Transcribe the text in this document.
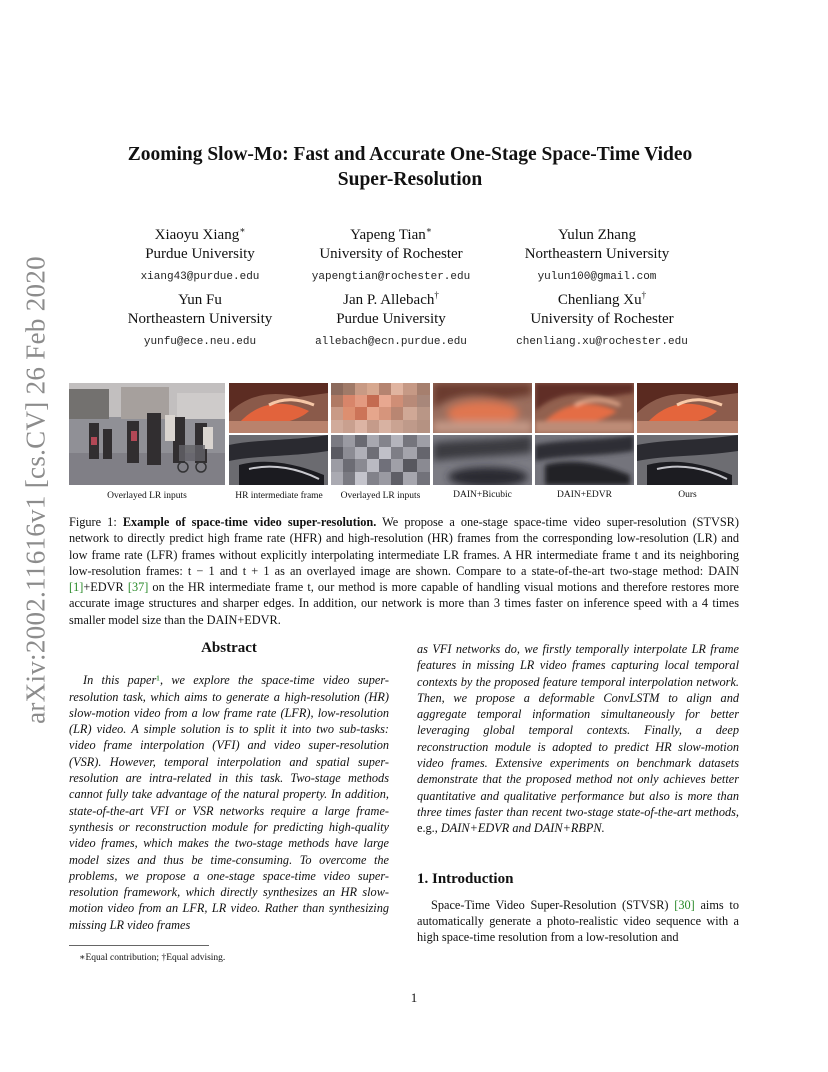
arXiv:2002.11616v1 [cs.CV] 26 Feb 2020
Zooming Slow-Mo: Fast and Accurate One-Stage Space-Time Video Super-Resolution
Xiaoyu Xiang∗
Purdue University
xiang43@purdue.edu
Yapeng Tian∗
University of Rochester
yapengtian@rochester.edu
Yulun Zhang
Northeastern University
yulun100@gmail.com
Yun Fu
Northeastern University
yunfu@ece.neu.edu
Jan P. Allebach†
Purdue University
allebach@ecn.purdue.edu
Chenliang Xu†
University of Rochester
chenliang.xu@rochester.edu
Overlayed LR inputs	HR intermediate frame	Overlayed LR inputs	DAIN+Bicubic	DAIN+EDVR	Ours
Figure 1: Example of space-time video super-resolution. We propose a one-stage space-time video super-resolution (STVSR) network to directly predict high frame rate (HFR) and high-resolution (HR) frames from the corresponding low-resolution (LR) and low frame rate (LFR) frames without explicitly interpolating intermediate LR frames. A HR intermediate frame t and its neighboring low-resolution frames: t − 1 and t + 1 as an overlayed image are shown. Compare to a state-of-the-art two-stage method: DAIN [1]+EDVR [37] on the HR intermediate frame t, our method is more capable of handling visual motions and therefore restores more accurate image structures and sharper edges. In addition, our network is more than 3 times faster on inference speed with a 4 times smaller model size than the DAIN+EDVR.
Abstract
In this paper¹, we explore the space-time video super-resolution task, which aims to generate a high-resolution (HR) slow-motion video from a low frame rate (LFR), low-resolution (LR) video. A simple solution is to split it into two sub-tasks: video frame interpolation (VFI) and video super-resolution (VSR). However, temporal interpolation and spatial super-resolution are intra-related in this task. Two-stage methods cannot fully take advantage of the natural property. In addition, state-of-the-art VFI or VSR networks require a large frame-synthesis or reconstruction module for predicting high-quality video frames, which makes the two-stage methods have large model sizes and thus be time-consuming. To overcome the problems, we propose a one-stage space-time video super-resolution framework, which directly synthesizes an HR slow-motion video from an LFR, LR video. Rather than synthesizing missing LR video frames
as VFI networks do, we firstly temporally interpolate LR frame features in missing LR video frames capturing local temporal contexts by the proposed feature temporal interpolation network. Then, we propose a deformable ConvLSTM to align and aggregate temporal information simultaneously for better leveraging global temporal contexts. Finally, a deep reconstruction module is adopted to predict HR slow-motion video frames. Extensive experiments on benchmark datasets demonstrate that the proposed method not only achieves better quantitative and qualitative performance but also is more than three times faster than recent two-stage state-of-the-art methods, e.g., DAIN+EDVR and DAIN+RBPN.
1. Introduction
Space-Time Video Super-Resolution (STVSR) [30] aims to automatically generate a photo-realistic video sequence with a high space-time resolution from a low-resolution and
∗Equal contribution; †Equal advising.
1
